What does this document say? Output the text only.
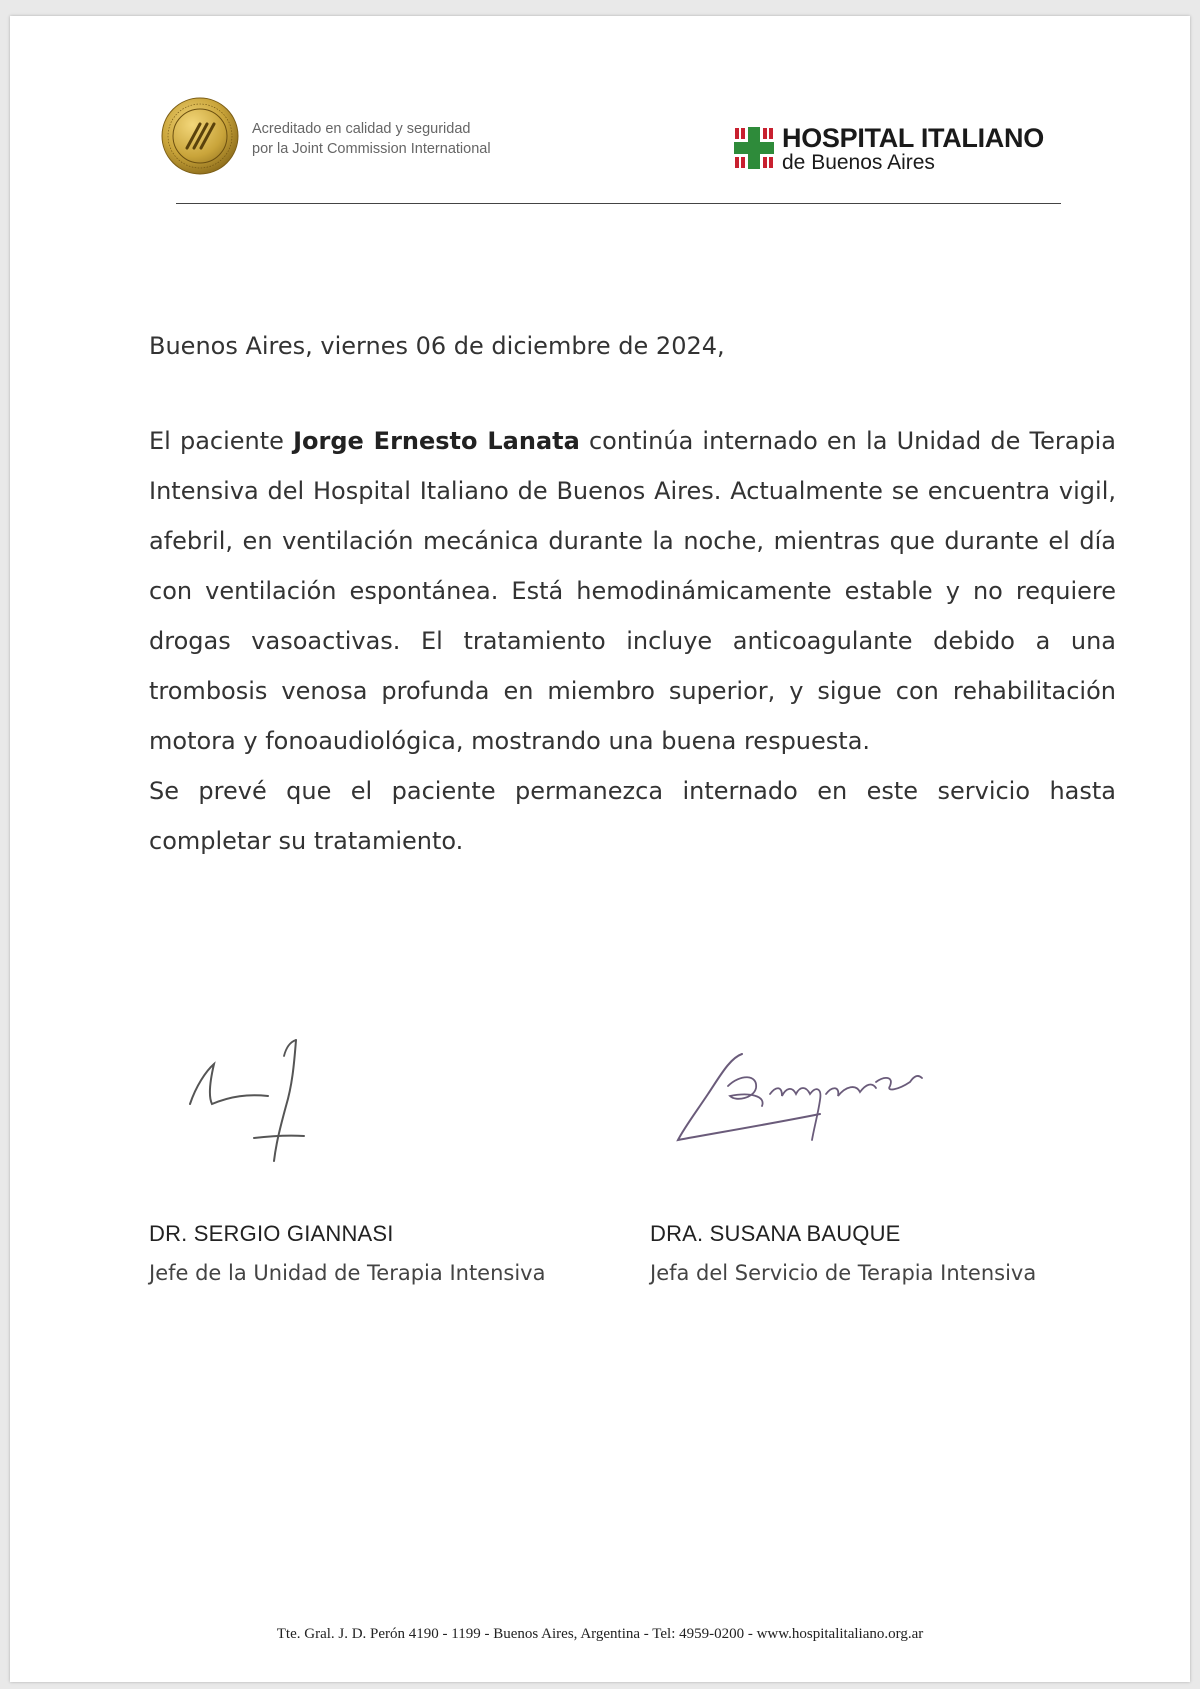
Acreditado en calidad y seguridad
por la Joint Commission International	HOSPITAL ITALIANO
de Buenos Aires
Buenos Aires, viernes 06 de diciembre de 2024,

El paciente Jorge Ernesto Lanata continúa internado en la Unidad de Terapia Intensiva del Hospital Italiano de Buenos Aires. Actualmente se encuentra vigil, afebril, en ventilación mecánica durante la noche, mientras que durante el día con ventilación espontánea. Está hemodinámicamente estable y no requiere drogas vasoactivas. El tratamiento incluye anticoagulante debido a una trombosis venosa profunda en miembro superior, y sigue con rehabilitación motora y fonoaudiológica, mostrando una buena respuesta.

Se prevé que el paciente permanezca internado en este servicio hasta completar su tratamiento.

DR. SERGIO GIANNASI
Jefe de la Unidad de Terapia Intensiva
DRA. SUSANA BAUQUE
Jefa del Servicio de Terapia Intensiva
Tte. Gral. J. D. Perón 4190 - 1199 - Buenos Aires, Argentina - Tel: 4959-0200 - www.hospitalitaliano.org.ar
